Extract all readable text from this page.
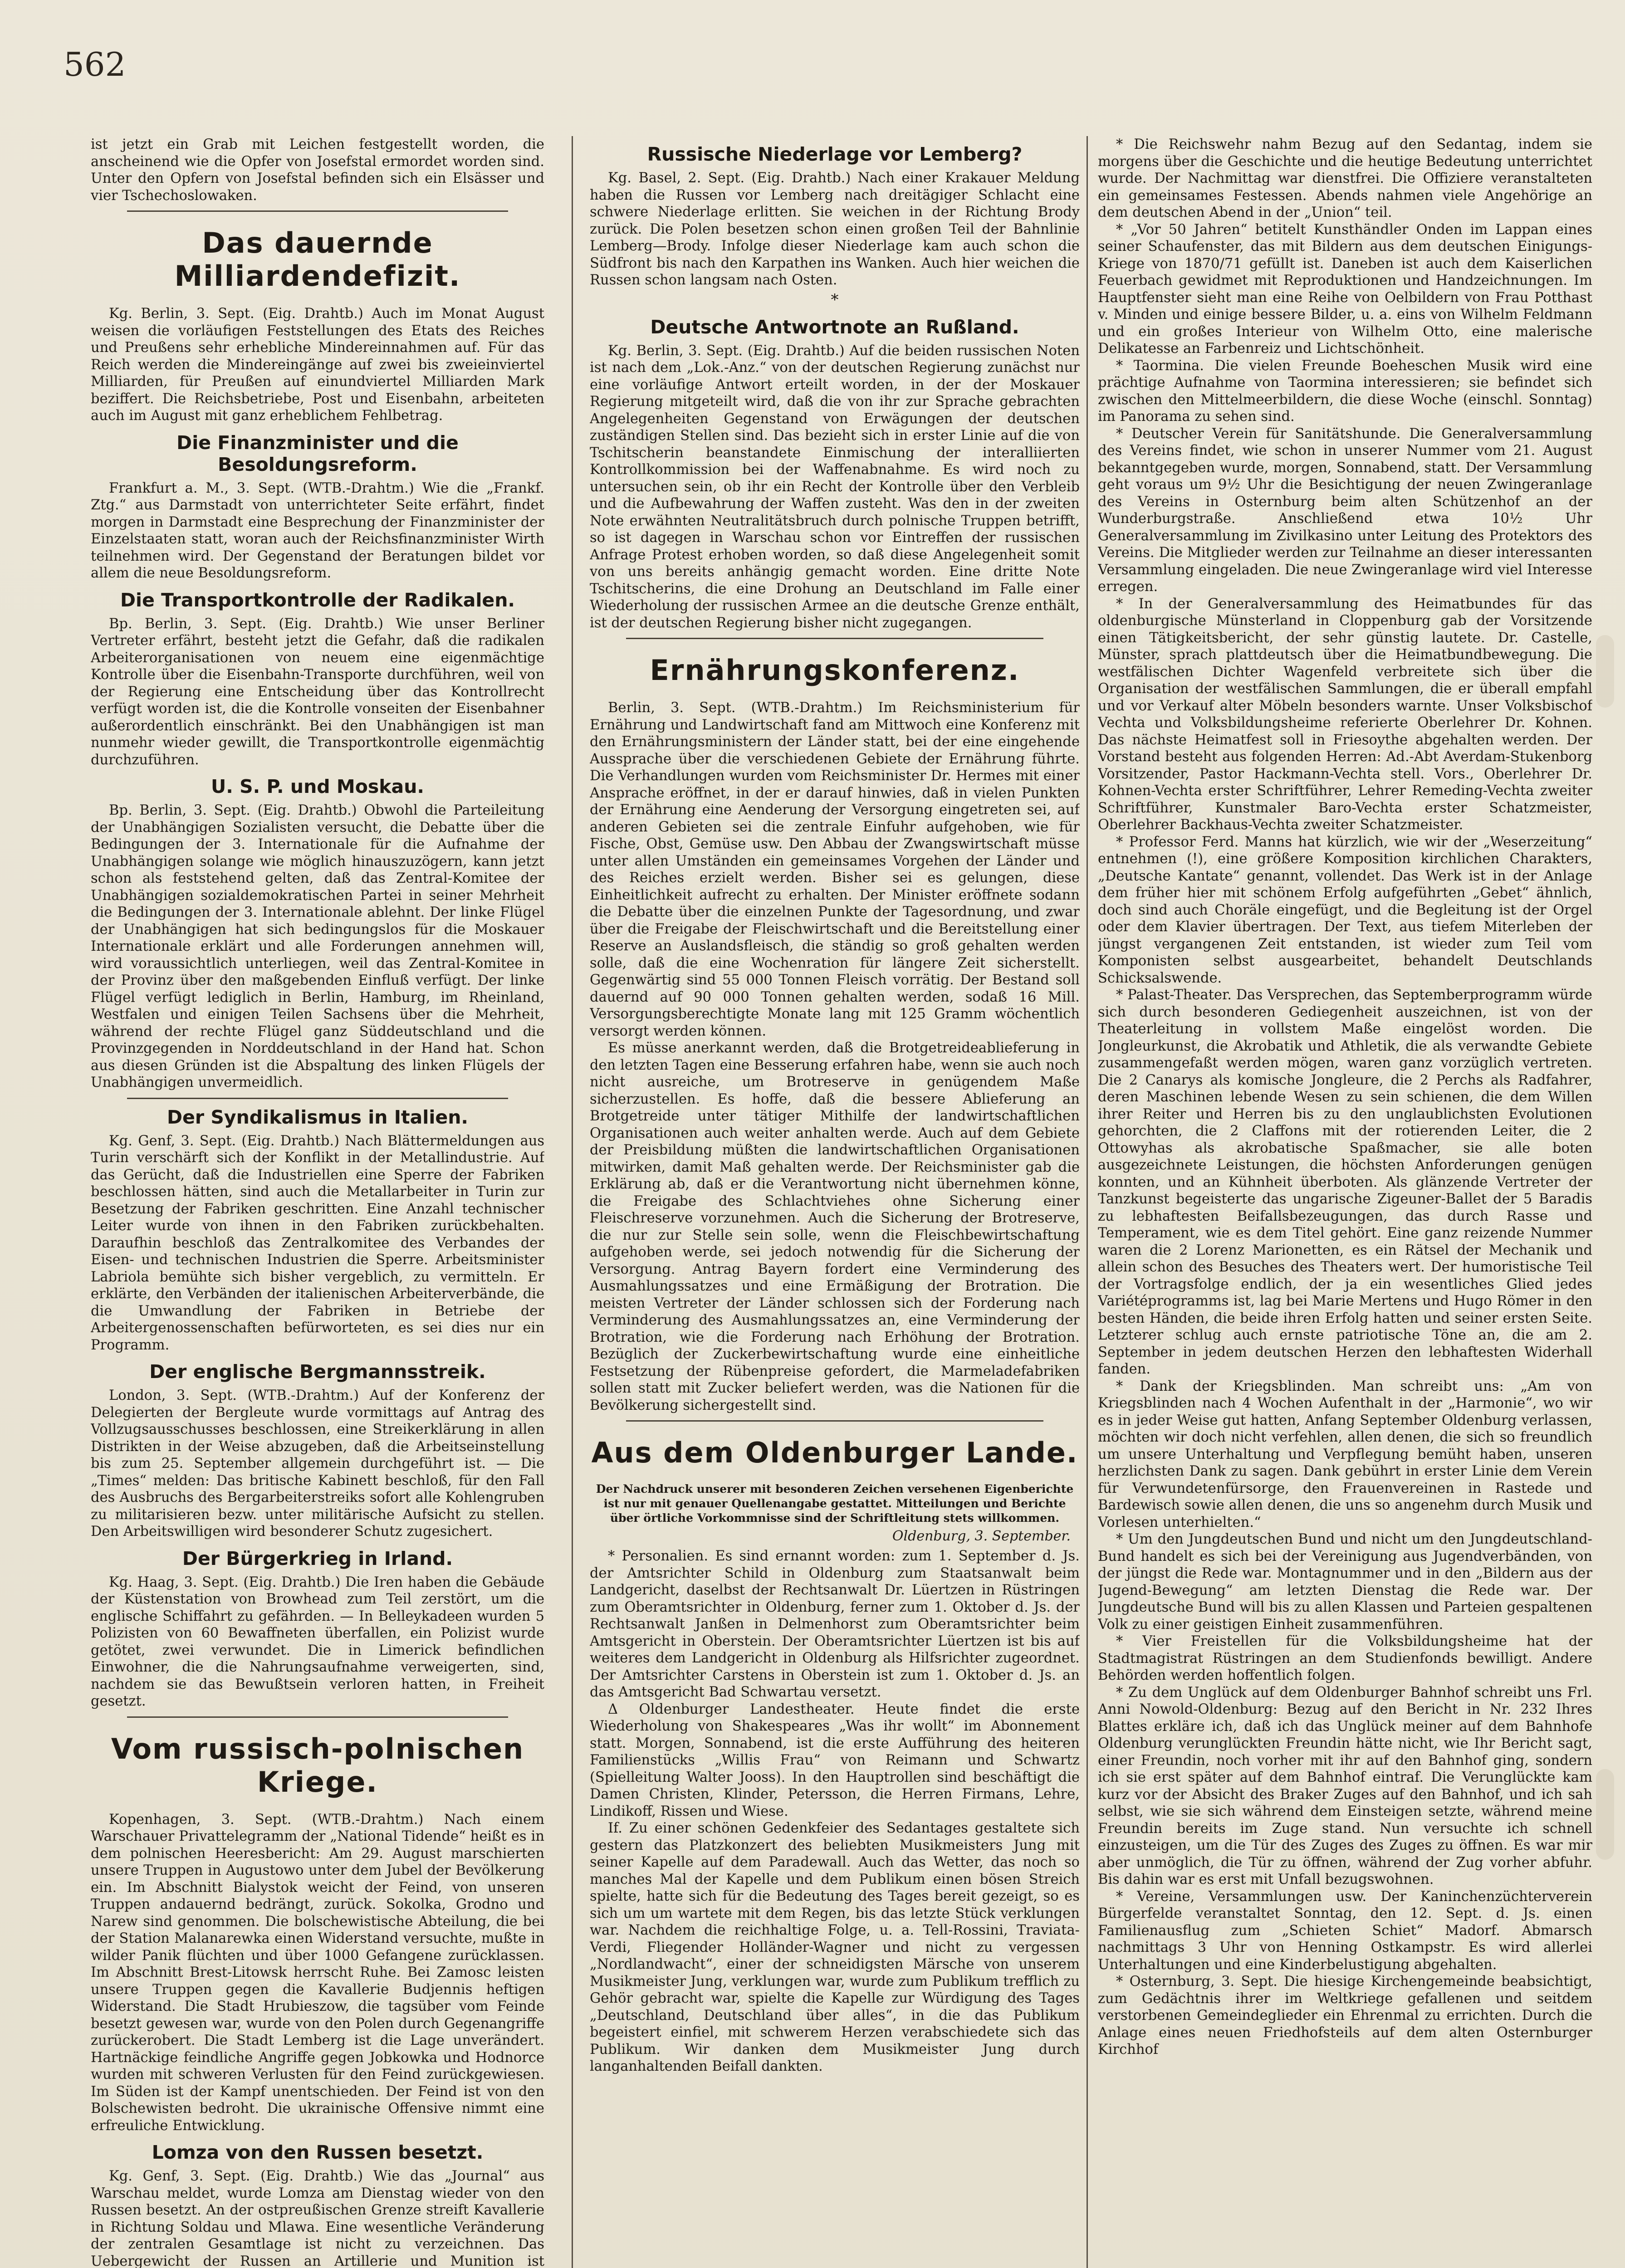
562

ist jetzt ein Grab mit Leichen festgestellt worden, die anscheinend wie die Opfer von Josefstal ermordet worden sind. Unter den Opfern von Josefstal befinden sich ein Elsässer und vier Tschechoslowaken.

Das dauernde Milliardendefizit.

Kg. Berlin, 3. Sept. (Eig. Drahtb.) Auch im Monat August weisen die vorläufigen Feststellungen des Etats des Reiches und Preußens sehr erhebliche Mindereinnahmen auf. Für das Reich werden die Mindereingänge auf zwei bis zweieinviertel Milliarden, für Preußen auf einundviertel Milliarden Mark beziffert. Die Reichsbetriebe, Post und Eisenbahn, arbeiteten auch im August mit ganz erheblichem Fehlbetrag.

Die Finanzminister und die Besoldungsreform.

Frankfurt a. M., 3. Sept. (WTB.-Drahtm.) Wie die „Frankf. Ztg.“ aus Darmstadt von unterrichteter Seite erfährt, findet morgen in Darmstadt eine Besprechung der Finanzminister der Einzelstaaten statt, woran auch der Reichsfinanzminister Wirth teilnehmen wird. Der Gegenstand der Beratungen bildet vor allem die neue Besoldungsreform.

Die Transportkontrolle der Radikalen.

Bp. Berlin, 3. Sept. (Eig. Drahtb.) Wie unser Berliner Vertreter erfährt, besteht jetzt die Gefahr, daß die radikalen Arbeiterorganisationen von neuem eine eigenmächtige Kontrolle über die Eisenbahn-Transporte durchführen, weil von der Regierung eine Entscheidung über das Kontrollrecht verfügt worden ist, die die Kontrolle vonseiten der Eisenbahner außerordentlich einschränkt. Bei den Unabhängigen ist man nunmehr wieder gewillt, die Transportkontrolle eigenmächtig durchzuführen.

U. S. P. und Moskau.

Bp. Berlin, 3. Sept. (Eig. Drahtb.) Obwohl die Parteileitung der Unabhängigen Sozialisten versucht, die Debatte über die Bedingungen der 3. Internationale für die Aufnahme der Unabhängigen solange wie möglich hinauszuzögern, kann jetzt schon als feststehend gelten, daß das Zentral-Komitee der Unabhängigen sozialdemokratischen Partei in seiner Mehrheit die Bedingungen der 3. Internationale ablehnt. Der linke Flügel der Unabhängigen hat sich bedingungslos für die Moskauer Internationale erklärt und alle Forderungen annehmen will, wird voraussichtlich unterliegen, weil das Zentral-Komitee in der Provinz über den maßgebenden Einfluß verfügt. Der linke Flügel verfügt lediglich in Berlin, Hamburg, im Rheinland, Westfalen und einigen Teilen Sachsens über die Mehrheit, während der rechte Flügel ganz Süddeutschland und die Provinzgegenden in Norddeutschland in der Hand hat. Schon aus diesen Gründen ist die Abspaltung des linken Flügels der Unabhängigen unvermeidlich.

Der Syndikalismus in Italien.

Kg. Genf, 3. Sept. (Eig. Drahtb.) Nach Blättermeldungen aus Turin verschärft sich der Konflikt in der Metallindustrie. Auf das Gerücht, daß die Industriellen eine Sperre der Fabriken beschlossen hätten, sind auch die Metallarbeiter in Turin zur Besetzung der Fabriken geschritten. Eine Anzahl technischer Leiter wurde von ihnen in den Fabriken zurückbehalten. Daraufhin beschloß das Zentralkomitee des Verbandes der Eisen- und technischen Industrien die Sperre. Arbeitsminister Labriola bemühte sich bisher vergeblich, zu vermitteln. Er erklärte, den Verbänden der italienischen Arbeiterverbände, die die Umwandlung der Fabriken in Betriebe der Arbeitergenossenschaften befürworteten, es sei dies nur ein Programm.

Der englische Bergmannsstreik.

London, 3. Sept. (WTB.-Drahtm.) Auf der Konferenz der Delegierten der Bergleute wurde vormittags auf Antrag des Vollzugsausschusses beschlossen, eine Streikerklärung in allen Distrikten in der Weise abzugeben, daß die Arbeitseinstellung bis zum 25. September allgemein durchgeführt ist. — Die „Times“ melden: Das britische Kabinett beschloß, für den Fall des Ausbruchs des Bergarbeiterstreiks sofort alle Kohlengruben zu militarisieren bezw. unter militärische Aufsicht zu stellen. Den Arbeitswilligen wird besonderer Schutz zugesichert.

Der Bürgerkrieg in Irland.

Kg. Haag, 3. Sept. (Eig. Drahtb.) Die Iren haben die Gebäude der Küstenstation von Browhead zum Teil zerstört, um die englische Schiffahrt zu gefährden. — In Belleykadeen wurden 5 Polizisten von 60 Bewaffneten überfallen, ein Polizist wurde getötet, zwei verwundet. Die in Limerick befindlichen Einwohner, die die Nahrungsaufnahme verweigerten, sind, nachdem sie das Bewußtsein verloren hatten, in Freiheit gesetzt.

Vom russisch-polnischen Kriege.

Kopenhagen, 3. Sept. (WTB.-Drahtm.) Nach einem Warschauer Privattelegramm der „National Tidende“ heißt es in dem polnischen Heeresbericht: Am 29. August marschierten unsere Truppen in Augustowo unter dem Jubel der Bevölkerung ein. Im Abschnitt Bialystok weicht der Feind, von unseren Truppen andauernd bedrängt, zurück. Sokolka, Grodno und Narew sind genommen. Die bolschewistische Abteilung, die bei der Station Malanarewka einen Widerstand versuchte, mußte in wilder Panik flüchten und über 1000 Gefangene zurücklassen. Im Abschnitt Brest-Litowsk herrscht Ruhe. Bei Zamosc leisten unsere Truppen gegen die Kavallerie Budjennis heftigen Widerstand. Die Stadt Hrubieszow, die tagsüber vom Feinde besetzt gewesen war, wurde von den Polen durch Gegenangriffe zurückerobert. Die Stadt Lemberg ist die Lage unverändert. Hartnäckige feindliche Angriffe gegen Jobkowka und Hodnorce wurden mit schweren Verlusten für den Feind zurückgewiesen. Im Süden ist der Kampf unentschieden. Der Feind ist von den Bolschewisten bedroht. Die ukrainische Offensive nimmt eine erfreuliche Entwicklung.

Lomza von den Russen besetzt.

Kg. Genf, 3. Sept. (Eig. Drahtb.) Wie das „Journal“ aus Warschau meldet, wurde Lomza am Dienstag wieder von den Russen besetzt. An der ostpreußischen Grenze streift Kavallerie in Richtung Soldau und Mlawa. Eine wesentliche Veränderung der zentralen Gesamtlage ist nicht zu verzeichnen. Das Uebergewicht der Russen an Artillerie und Munition ist

Russische Niederlage vor Lemberg?

Kg. Basel, 2. Sept. (Eig. Drahtb.) Nach einer Krakauer Meldung haben die Russen vor Lemberg nach dreitägiger Schlacht eine schwere Niederlage erlitten. Sie weichen in der Richtung Brody zurück. Die Polen besetzen schon einen großen Teil der Bahnlinie Lemberg—Brody. Infolge dieser Niederlage kam auch schon die Südfront bis nach den Karpathen ins Wanken. Auch hier weichen die Russen schon langsam nach Osten.

*
Deutsche Antwortnote an Rußland.

Kg. Berlin, 3. Sept. (Eig. Drahtb.) Auf die beiden russischen Noten ist nach dem „Lok.-Anz.“ von der deutschen Regierung zunächst nur eine vorläufige Antwort erteilt worden, in der der Moskauer Regierung mitgeteilt wird, daß die von ihr zur Sprache gebrachten Angelegenheiten Gegenstand von Erwägungen der deutschen zuständigen Stellen sind. Das bezieht sich in erster Linie auf die von Tschitscherin beanstandete Einmischung der interalliierten Kontrollkommission bei der Waffenabnahme. Es wird noch zu untersuchen sein, ob ihr ein Recht der Kontrolle über den Verbleib und die Aufbewahrung der Waffen zusteht. Was den in der zweiten Note erwähnten Neutralitätsbruch durch polnische Truppen betrifft, so ist dagegen in Warschau schon vor Eintreffen der russischen Anfrage Protest erhoben worden, so daß diese Angelegenheit somit von uns bereits anhängig gemacht worden. Eine dritte Note Tschitscherins, die eine Drohung an Deutschland im Falle einer Wiederholung der russischen Armee an die deutsche Grenze enthält, ist der deutschen Regierung bisher nicht zugegangen.

Ernährungskonferenz.

Berlin, 3. Sept. (WTB.-Drahtm.) Im Reichsministerium für Ernährung und Landwirtschaft fand am Mittwoch eine Konferenz mit den Ernährungsministern der Länder statt, bei der eine eingehende Aussprache über die verschiedenen Gebiete der Ernährung führte. Die Verhandlungen wurden vom Reichsminister Dr. Hermes mit einer Ansprache eröffnet, in der er darauf hinwies, daß in vielen Punkten der Ernährung eine Aenderung der Versorgung eingetreten sei, auf anderen Gebieten sei die zentrale Einfuhr aufgehoben, wie für Fische, Obst, Gemüse usw. Den Abbau der Zwangswirtschaft müsse unter allen Umständen ein gemeinsames Vorgehen der Länder und des Reiches erzielt werden. Bisher sei es gelungen, diese Einheitlichkeit aufrecht zu erhalten. Der Minister eröffnete sodann die Debatte über die einzelnen Punkte der Tagesordnung, und zwar über die Freigabe der Fleischwirtschaft und die Bereitstellung einer Reserve an Auslandsfleisch, die ständig so groß gehalten werden solle, daß die eine Wochenration für längere Zeit sicherstellt. Gegenwärtig sind 55 000 Tonnen Fleisch vorrätig. Der Bestand soll dauernd auf 90 000 Tonnen gehalten werden, sodaß 16 Mill. Versorgungsberechtigte Monate lang mit 125 Gramm wöchentlich versorgt werden können.

Es müsse anerkannt werden, daß die Brotgetreideablieferung in den letzten Tagen eine Besserung erfahren habe, wenn sie auch noch nicht ausreiche, um Brotreserve in genügendem Maße sicherzustellen. Es hoffe, daß die bessere Ablieferung an Brotgetreide unter tätiger Mithilfe der landwirtschaftlichen Organisationen auch weiter anhalten werde. Auch auf dem Gebiete der Preisbildung müßten die landwirtschaftlichen Organisationen mitwirken, damit Maß gehalten werde. Der Reichsminister gab die Erklärung ab, daß er die Verantwortung nicht übernehmen könne, die Freigabe des Schlachtviehes ohne Sicherung einer Fleischreserve vorzunehmen. Auch die Sicherung der Brotreserve, die nur zur Stelle sein solle, wenn die Fleischbewirtschaftung aufgehoben werde, sei jedoch notwendig für die Sicherung der Versorgung. Antrag Bayern fordert eine Verminderung des Ausmahlungssatzes und eine Ermäßigung der Brotration. Die meisten Vertreter der Länder schlossen sich der Forderung nach Verminderung des Ausmahlungssatzes an, eine Verminderung der Brotration, wie die Forderung nach Erhöhung der Brotration. Bezüglich der Zuckerbewirtschaftung wurde eine einheitliche Festsetzung der Rübenpreise gefordert, die Marmeladefabriken sollen statt mit Zucker beliefert werden, was die Nationen für die Bevölkerung sichergestellt sind.

Aus dem Oldenburger Lande.

Der Nachdruck unserer mit besonderen Zeichen versehenen Eigenberichte ist nur mit genauer Quellenangabe gestattet. Mitteilungen und Berichte über örtliche Vorkommnisse sind der Schriftleitung stets willkommen.

Oldenburg, 3. September.

* Personalien. Es sind ernannt worden: zum 1. September d. Js. der Amtsrichter Schild in Oldenburg zum Staatsanwalt beim Landgericht, daselbst der Rechtsanwalt Dr. Lüertzen in Rüstringen zum Oberamtsrichter in Oldenburg, ferner zum 1. Oktober d. Js. der Rechtsanwalt Janßen in Delmenhorst zum Oberamtsrichter beim Amtsgericht in Oberstein. Der Oberamtsrichter Lüertzen ist bis auf weiteres dem Landgericht in Oldenburg als Hilfsrichter zugeordnet. Der Amtsrichter Carstens in Oberstein ist zum 1. Oktober d. Js. an das Amtsgericht Bad Schwartau versetzt.

Δ Oldenburger Landestheater. Heute findet die erste Wiederholung von Shakespeares „Was ihr wollt“ im Abonnement statt. Morgen, Sonnabend, ist die erste Aufführung des heiteren Familienstücks „Willis Frau“ von Reimann und Schwartz (Spielleitung Walter Jooss). In den Hauptrollen sind beschäftigt die Damen Christen, Klinder, Petersson, die Herren Firmans, Lehre, Lindikoff, Rissen und Wiese.

If. Zu einer schönen Gedenkfeier des Sedantages gestaltete sich gestern das Platzkonzert des beliebten Musikmeisters Jung mit seiner Kapelle auf dem Paradewall. Auch das Wetter, das noch so manches Mal der Kapelle und dem Publikum einen bösen Streich spielte, hatte sich für die Bedeutung des Tages bereit gezeigt, so es sich um um wartete mit dem Regen, bis das letzte Stück verklungen war. Nachdem die reichhaltige Folge, u. a. Tell-Rossini, Traviata-Verdi, Fliegender Holländer-Wagner und nicht zu vergessen „Nordlandwacht“, einer der schneidigsten Märsche von unserem Musikmeister Jung, verklungen war, wurde zum Publikum trefflich zu Gehör gebracht war, spielte die Kapelle zur Würdigung des Tages „Deutschland, Deutschland über alles“, in die das Publikum begeistert einfiel, mit schwerem Herzen verabschiedete sich das Publikum. Wir danken dem Musikmeister Jung durch langanhaltenden Beifall dankten.

* Die Reichswehr nahm Bezug auf den Sedantag, indem sie morgens über die Geschichte und die heutige Bedeutung unterrichtet wurde. Der Nachmittag war dienstfrei. Die Offiziere veranstalteten ein gemeinsames Festessen. Abends nahmen viele Angehörige an dem deutschen Abend in der „Union“ teil.

* „Vor 50 Jahren“ betitelt Kunsthändler Onden im Lappan eines seiner Schaufenster, das mit Bildern aus dem deutschen Einigungs-Kriege von 1870/71 gefüllt ist. Daneben ist auch dem Kaiserlichen Feuerbach gewidmet mit Reproduktionen und Handzeichnungen. Im Hauptfenster sieht man eine Reihe von Oelbildern von Frau Potthast v. Minden und einige bessere Bilder, u. a. eins von Wilhelm Feldmann und ein großes Interieur von Wilhelm Otto, eine malerische Delikatesse an Farbenreiz und Lichtschönheit.

* Taormina. Die vielen Freunde Boeheschen Musik wird eine prächtige Aufnahme von Taormina interessieren; sie befindet sich zwischen den Mittelmeerbildern, die diese Woche (einschl. Sonntag) im Panorama zu sehen sind.

* Deutscher Verein für Sanitätshunde. Die Generalversammlung des Vereins findet, wie schon in unserer Nummer vom 21. August bekanntgegeben wurde, morgen, Sonnabend, statt. Der Versammlung geht voraus um 9½ Uhr die Besichtigung der neuen Zwingeranlage des Vereins in Osternburg beim alten Schützenhof an der Wunderburgstraße. Anschließend etwa 10½ Uhr Generalversammlung im Zivilkasino unter Leitung des Protektors des Vereins. Die Mitglieder werden zur Teilnahme an dieser interessanten Versammlung eingeladen. Die neue Zwingeranlage wird viel Interesse erregen.

* In der Generalversammlung des Heimatbundes für das oldenburgische Münsterland in Cloppenburg gab der Vorsitzende einen Tätigkeitsbericht, der sehr günstig lautete. Dr. Castelle, Münster, sprach plattdeutsch über die Heimatbundbewegung. Die westfälischen Dichter Wagenfeld verbreitete sich über die Organisation der westfälischen Sammlungen, die er überall empfahl und vor Verkauf alter Möbeln besonders warnte. Unser Volksbischof Vechta und Volksbildungsheime referierte Oberlehrer Dr. Kohnen. Das nächste Heimatfest soll in Friesoythe abgehalten werden. Der Vorstand besteht aus folgenden Herren: Ad.-Abt Averdam-Stukenborg Vorsitzender, Pastor Hackmann-Vechta stell. Vors., Oberlehrer Dr. Kohnen-Vechta erster Schriftführer, Lehrer Remeding-Vechta zweiter Schriftführer, Kunstmaler Baro-Vechta erster Schatzmeister, Oberlehrer Backhaus-Vechta zweiter Schatzmeister.

* Professor Ferd. Manns hat kürzlich, wie wir der „Weserzeitung“ entnehmen (!), eine größere Komposition kirchlichen Charakters, „Deutsche Kantate“ genannt, vollendet. Das Werk ist in der Anlage dem früher hier mit schönem Erfolg aufgeführten „Gebet“ ähnlich, doch sind auch Choräle eingefügt, und die Begleitung ist der Orgel oder dem Klavier übertragen. Der Text, aus tiefem Miterleben der jüngst vergangenen Zeit entstanden, ist wieder zum Teil vom Komponisten selbst ausgearbeitet, behandelt Deutschlands Schicksalswende.

* Palast-Theater. Das Versprechen, das Septemberprogramm würde sich durch besonderen Gediegenheit auszeichnen, ist von der Theaterleitung in vollstem Maße eingelöst worden. Die Jongleurkunst, die Akrobatik und Athletik, die als verwandte Gebiete zusammengefaßt werden mögen, waren ganz vorzüglich vertreten. Die 2 Canarys als komische Jongleure, die 2 Perchs als Radfahrer, deren Maschinen lebende Wesen zu sein schienen, die dem Willen ihrer Reiter und Herren bis zu den unglaublichsten Evolutionen gehorchten, die 2 Claffons mit der rotierenden Leiter, die 2 Ottowyhas als akrobatische Spaßmacher, sie alle boten ausgezeichnete Leistungen, die höchsten Anforderungen genügen konnten, und an Kühnheit überboten. Als glänzende Vertreter der Tanzkunst begeisterte das ungarische Zigeuner-Ballet der 5 Baradis zu lebhaftesten Beifallsbezeugungen, das durch Rasse und Temperament, wie es dem Titel gehört. Eine ganz reizende Nummer waren die 2 Lorenz Marionetten, es ein Rätsel der Mechanik und allein schon des Besuches des Theaters wert. Der humoristische Teil der Vortragsfolge endlich, der ja ein wesentliches Glied jedes Variétéprogramms ist, lag bei Marie Mertens und Hugo Römer in den besten Händen, die beide ihren Erfolg hatten und seiner ersten Seite. Letzterer schlug auch ernste patriotische Töne an, die am 2. September in jedem deutschen Herzen den lebhaftesten Widerhall fanden.

* Dank der Kriegsblinden. Man schreibt uns: „Am von Kriegsblinden nach 4 Wochen Aufenthalt in der „Harmonie“, wo wir es in jeder Weise gut hatten, Anfang September Oldenburg verlassen, möchten wir doch nicht verfehlen, allen denen, die sich so freundlich um unsere Unterhaltung und Verpflegung bemüht haben, unseren herzlichsten Dank zu sagen. Dank gebührt in erster Linie dem Verein für Verwundetenfürsorge, den Frauenvereinen in Rastede und Bardewisch sowie allen denen, die uns so angenehm durch Musik und Vorlesen unterhielten.“

* Um den Jungdeutschen Bund und nicht um den Jungdeutschland-Bund handelt es sich bei der Vereinigung aus Jugendverbänden, von der jüngst die Rede war. Montagnummer und in den „Bildern aus der Jugend-Bewegung“ am letzten Dienstag die Rede war. Der Jungdeutsche Bund will bis zu allen Klassen und Parteien gespaltenen Volk zu einer geistigen Einheit zusammenführen.

* Vier Freistellen für die Volksbildungsheime hat der Stadtmagistrat Rüstringen an dem Studienfonds bewilligt. Andere Behörden werden hoffentlich folgen.

* Zu dem Unglück auf dem Oldenburger Bahnhof schreibt uns Frl. Anni Nowold-Oldenburg: Bezug auf den Bericht in Nr. 232 Ihres Blattes erkläre ich, daß ich das Unglück meiner auf dem Bahnhofe Oldenburg verunglückten Freundin hätte nicht, wie Ihr Bericht sagt, einer Freundin, noch vorher mit ihr auf den Bahnhof ging, sondern ich sie erst später auf dem Bahnhof eintraf. Die Verunglückte kam kurz vor der Absicht des Braker Zuges auf den Bahnhof, und ich sah selbst, wie sie sich während dem Einsteigen setzte, während meine Freundin bereits im Zuge stand. Nun versuchte ich schnell einzusteigen, um die Tür des Zuges des Zuges zu öffnen. Es war mir aber unmöglich, die Tür zu öffnen, während der Zug vorher abfuhr. Bis dahin war es erst mit Unfall bezugswohnen.

* Vereine, Versammlungen usw. Der Kaninchenzüchterverein Bürgerfelde veranstaltet Sonntag, den 12. Sept. d. Js. einen Familienausflug zum „Schieten Schiet“ Madorf. Abmarsch nachmittags 3 Uhr von Henning Ostkampstr. Es wird allerlei Unterhaltungen und eine Kinderbelustigung abgehalten.

* Osternburg, 3. Sept. Die hiesige Kirchengemeinde beabsichtigt, zum Gedächtnis ihrer im Weltkriege gefallenen und seitdem verstorbenen Gemeindeglieder ein Ehrenmal zu errichten. Durch die Anlage eines neuen Friedhofsteils auf dem alten Osternburger Kirchhof
